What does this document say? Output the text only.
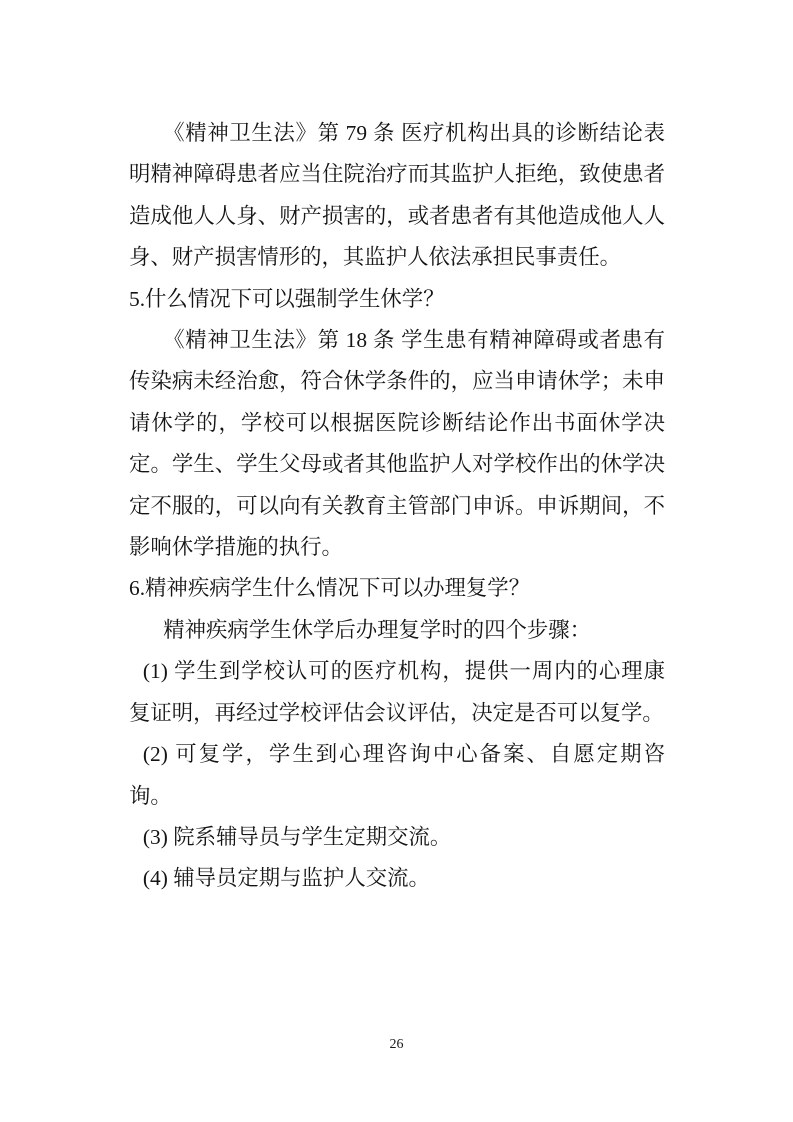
《精神卫生法》第 79 条 医疗机构出具的诊断结论表明精神障碍患者应当住院治疗而其监护人拒绝，致使患者造成他人人身、财产损害的，或者患者有其他造成他人人身、财产损害情形的，其监护人依法承担民事责任。

5.什么情况下可以强制学生休学？

《精神卫生法》第 18 条 学生患有精神障碍或者患有传染病未经治愈，符合休学条件的，应当申请休学；未申请休学的，学校可以根据医院诊断结论作出书面休学决定。学生、学生父母或者其他监护人对学校作出的休学决定不服的，可以向有关教育主管部门申诉。申诉期间，不影响休学措施的执行。

6.精神疾病学生什么情况下可以办理复学？

精神疾病学生休学后办理复学时的四个步骤：

(1) 学生到学校认可的医疗机构，提供一周内的心理康复证明，再经过学校评估会议评估，决定是否可以复学。

(2) 可复学，学生到心理咨询中心备案、自愿定期咨询。

(3) 院系辅导员与学生定期交流。

(4) 辅导员定期与监护人交流。

26
